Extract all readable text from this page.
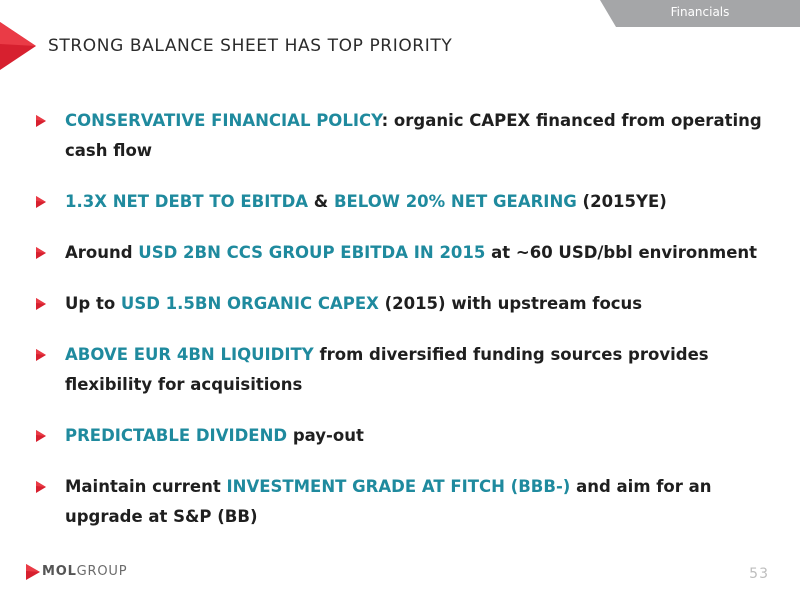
Financials
STRONG BALANCE SHEET HAS TOP PRIORITY
CONSERVATIVE FINANCIAL POLICY: organic CAPEX financed from operating cash flow
1.3X NET DEBT TO EBITDA & BELOW 20% NET GEARING (2015YE)
Around USD 2BN CCS GROUP EBITDA IN 2015 at ~60 USD/bbl environment
Up to USD 1.5BN ORGANIC CAPEX (2015) with upstream focus
ABOVE EUR 4BN LIQUIDITY from diversified funding sources provides flexibility for acquisitions
PREDICTABLE DIVIDEND pay-out
Maintain current INVESTMENT GRADE AT FITCH (BBB-) and aim for an upgrade at S&P (BB)

MOLGROUP	53
